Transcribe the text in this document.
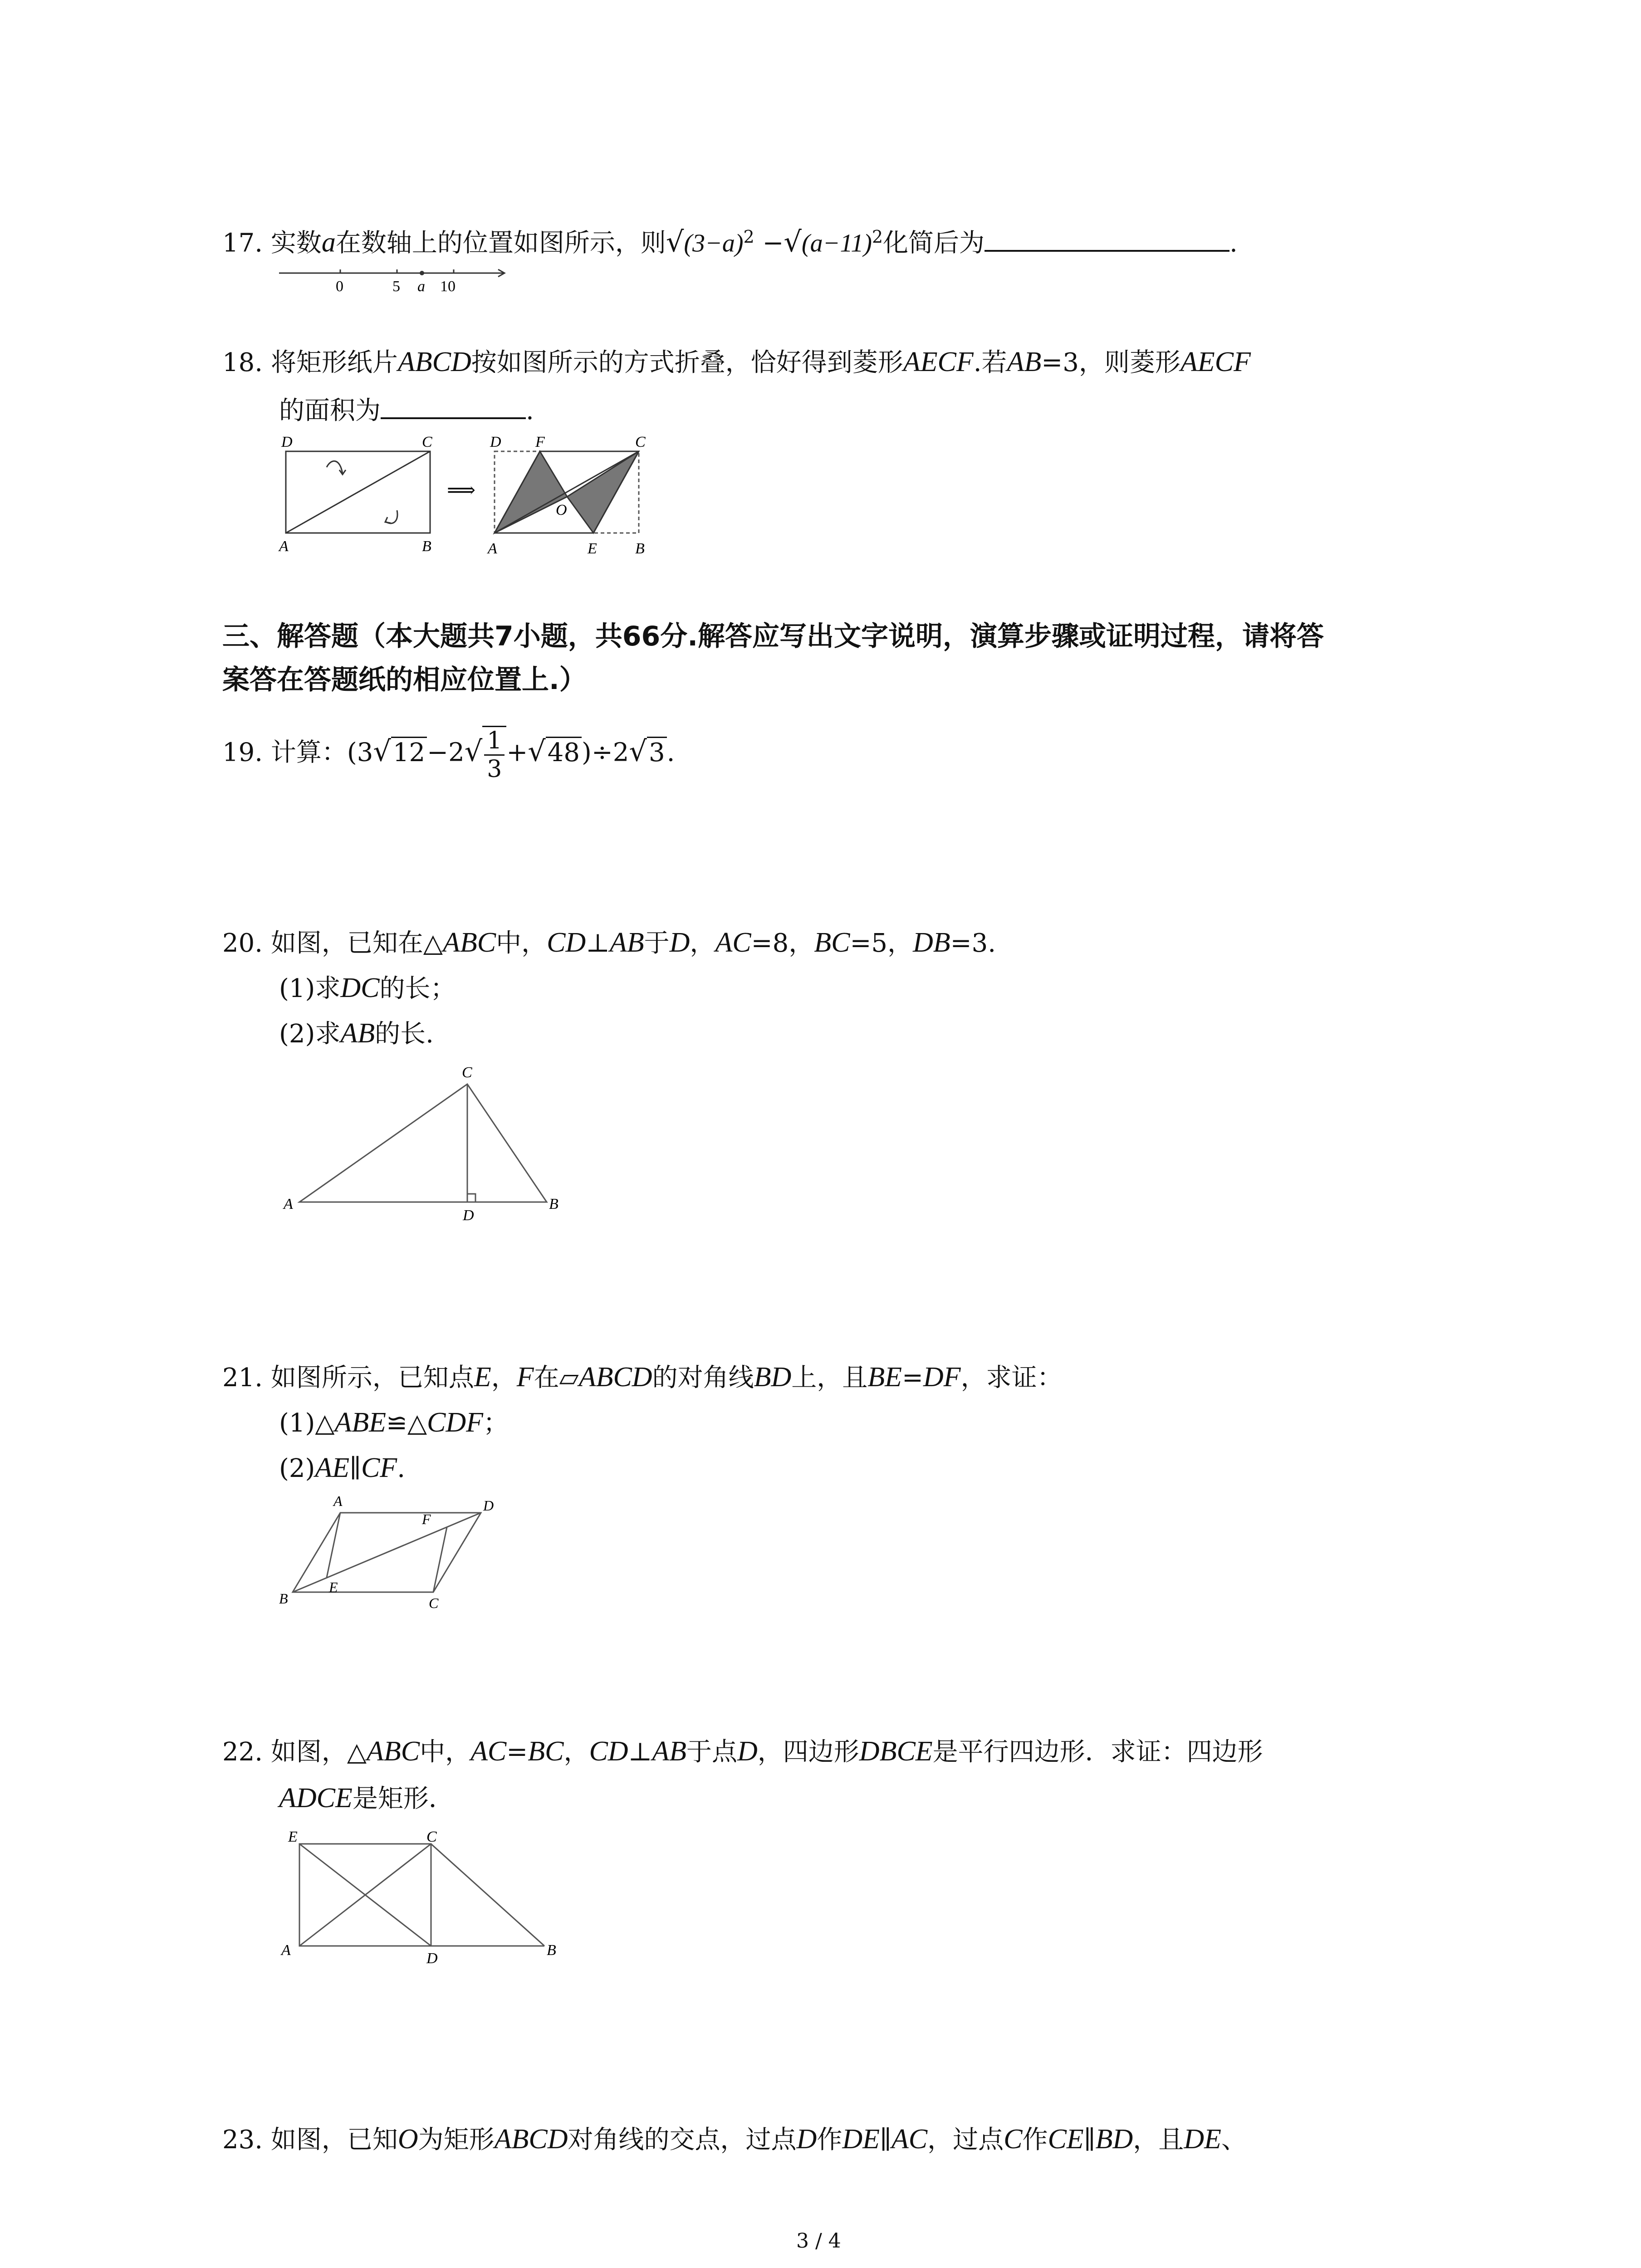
17. 实数a在数轴上的位置如图所示，则$√(3-a)^2 -√(a-11)^2$化简后为	.
0	5 a 10
18. 将矩形纸片ABCD按如图所示的方式折叠，恰好得到菱形AECF.若AB=3，则菱形AECF
的面积为	.
D	C
A	B
⟹
D F	C
O
A	E B
三、解答题（本大题共7小题，共66分.解答应写出文字说明，演算步骤或证明过程，请将答
案答在答题纸的相应位置上.）
19. 计算：$(3√12-2√ \frac{1}{3} +√48)\div 2√3$.
20. 如图，已知在△ABC中，CD⊥AB于D，AC=8，BC=5，DB=3.
(1)求DC的长；
(2)求AB的长.
C
A
D
B
21. 如图所示，已知点E，F在▱ABCD的对角线BD上，且BE=DF，求证：
(1)△ABE≌△CDF；
(2)AE∥CF.
A
F
D
B
E
C
22. 如图，△ABC中，AC=BC，CD⊥AB于点D，四边形DBCE是平行四边形．求证：四边形
ADCE是矩形．
E	C
A	D	B
23. 如图，已知O为矩形ABCD对角线的交点，过点D作DE∥AC，过点C作CE∥BD，且DE、
3 / 4
